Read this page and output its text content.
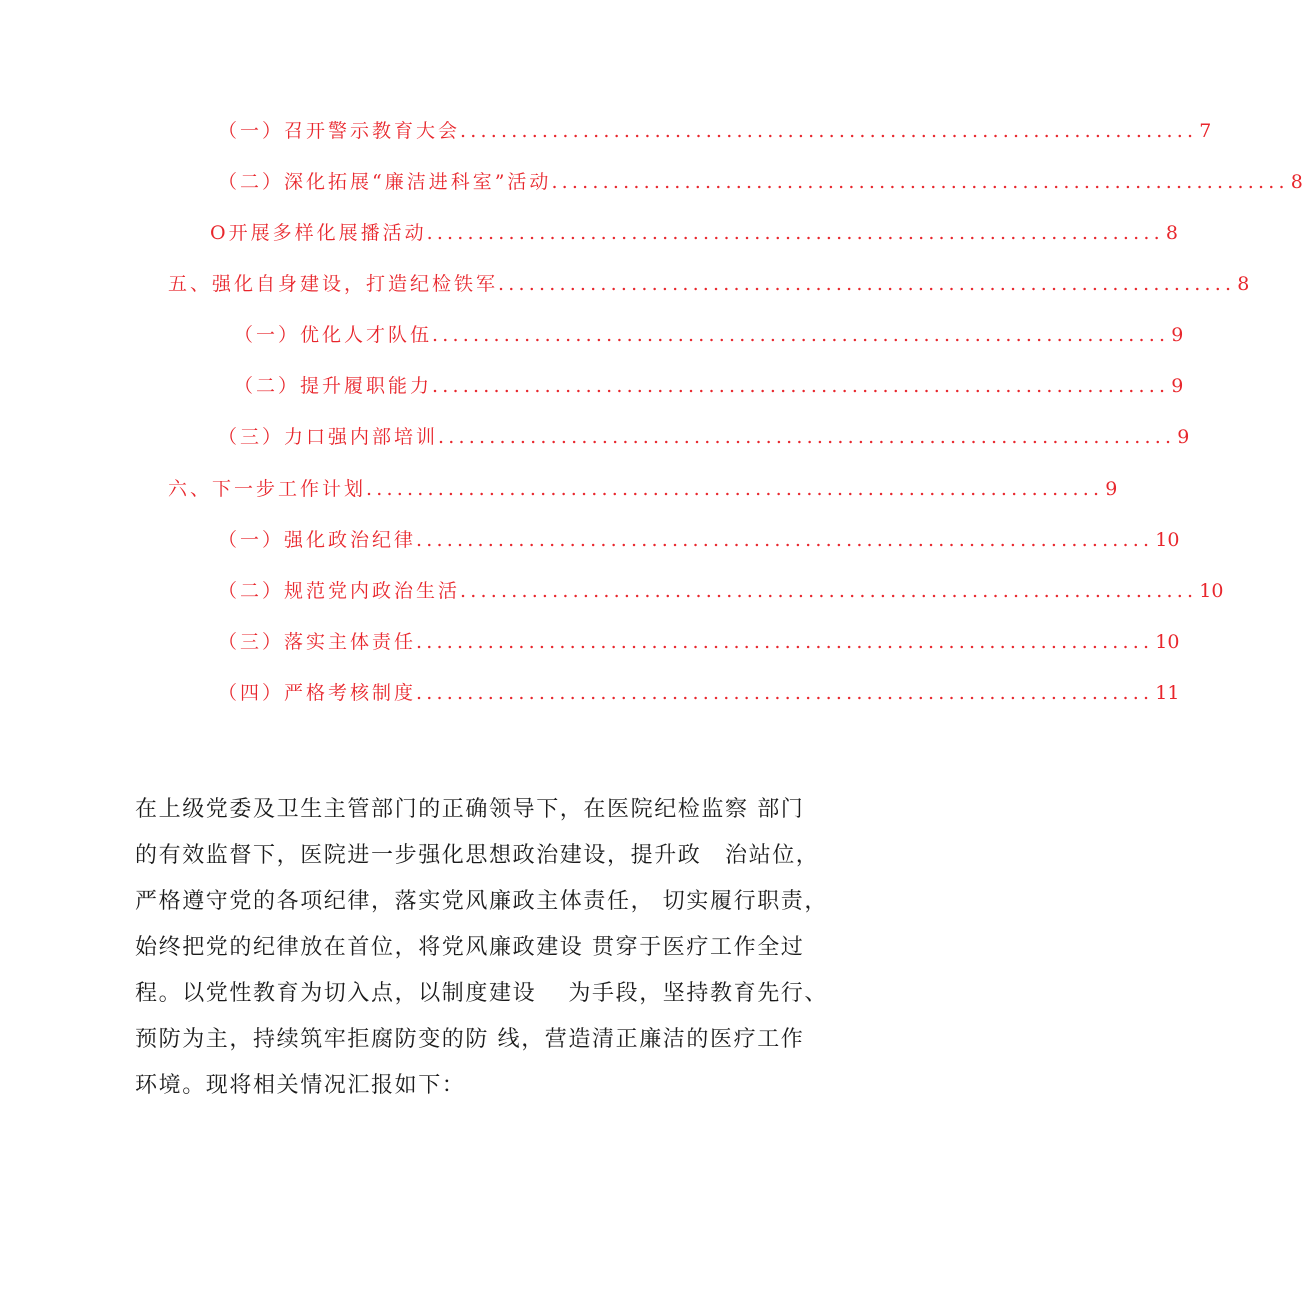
（一）召开警示教育大会 ........................................................................ 7
（二）深化拓展“廉洁进科室”活动 ........................................................................ 8
O开展多样化展播活动 ........................................................................ 8
五、强化自身建设，打造纪检铁军 ........................................................................ 8
（一）优化人才队伍 ........................................................................ 9
（二）提升履职能力 ........................................................................ 9
（三）力口强内部培训 ........................................................................ 9
六、下一步工作计划 ........................................................................ 9
（一）强化政治纪律 ........................................................................ 10
（二）规范党内政治生活 ........................................................................ 10
（三）落实主体责任 ........................................................................ 10
（四）严格考核制度 ........................................................................ 11
在上级党委及卫生主管部门的正确领导下，在医院纪检监察 部门
的有效监督下，医院进一步强化思想政治建设，提升政　治站位，
严格遵守党的各项纪律，落实党风廉政主体责任， 切实履行职责，
始终把党的纪律放在首位，将党风廉政建设 贯穿于医疗工作全过
程。以党性教育为切入点，以制度建设　 为手段，坚持教育先行、
预防为主，持续筑牢拒腐防变的防 线，营造清正廉洁的医疗工作
环境。现将相关情况汇报如下：
